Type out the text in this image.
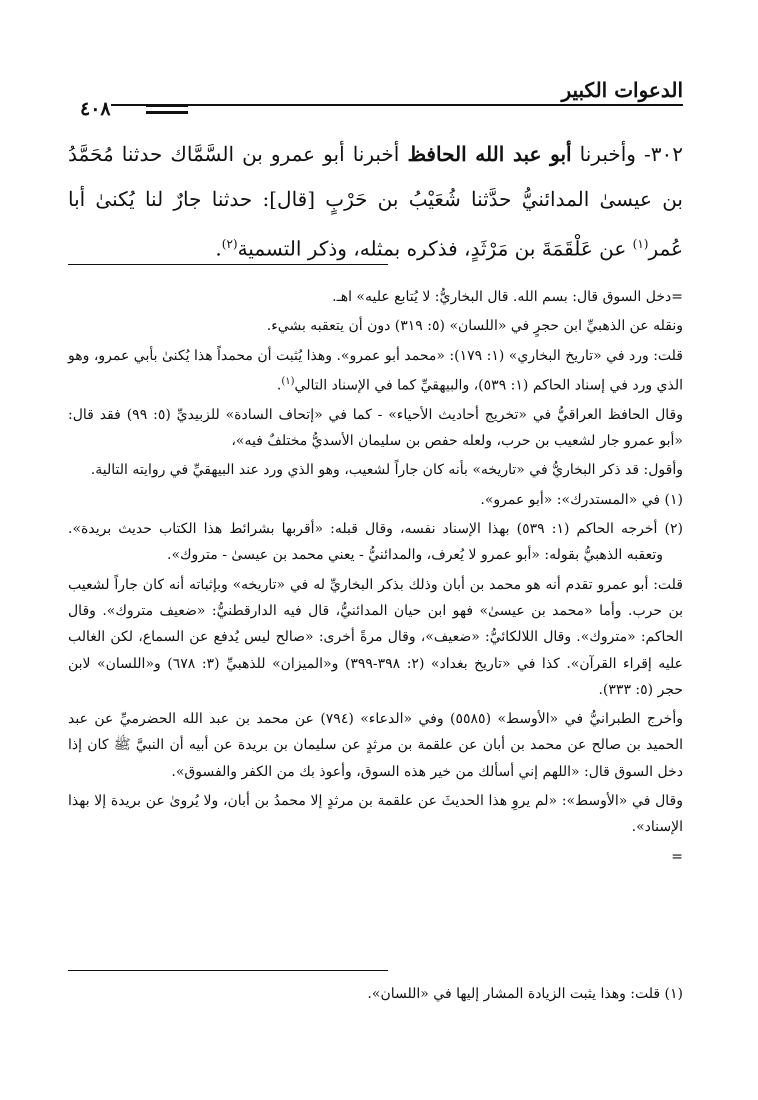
الدعوات الكبير
٤٠٨

٣٠٢- وأخبرنا أبو عبد الله الحافظ أخبرنا أبو عمرو بن السَّمَّاك حدثنا مُحَمَّدُ بن عيسىٰ المدائنيُّ حدَّثنا شُعَيْبُ بن حَرْبٍ [قال]: حدثنا جارٌ لنا يُكنىٰ أبا عُمر$^{(١)}$ عن عَلْقَمَةَ بن مَرْثَدٍ، فذكره بمثله، وذكر التسمية$^{(٢)}$.

=دخل السوق قال: بسم الله. قال البخاريُّ: لا يُتابع عليه» اهـ.

ونقله عن الذهبيِّ ابن حجرٍ في «اللسان» (٥: ٣١٩) دون أن يتعقبه بشيء.

قلت: ورد في «تاريخ البخاري» (١: ١٧٩): «محمد أبو عمرو». وهذا يُثبت أن محمداً هذا يُكنىٰ بأبي عمرو، وهو الذي ورد في إسناد الحاكم (١: ٥٣٩)، والبيهقيِّ كما في الإسناد التالي$^{(١)}$.

وقال الحافظ العراقيُّ في «تخريج أحاديث الأحياء» - كما في «إتحاف السادة» للزبيديِّ (٥: ٩٩) فقد قال: «أبو عمرو جار لشعيب بن حرب، ولعله حفص بن سليمان الأسديُّ مختلفٌ فيه»،

وأقول: قد ذكر البخاريُّ في «تاريخه» بأنه كان جاراً لشعيب، وهو الذي ورد عند البيهقيِّ في روايته التالية.

(١) في «المستدرك»: «أبو عمرو».

(٢) أخرجه الحاكم (١: ٥٣٩) بهذا الإسناد نفسه، وقال قبله: «أقربها بشرائط هذا الكتاب حديث بريدة». وتعقبه الذهبيُّ بقوله: «أبو عمرو لا يُعرف، والمدائنيُّ - يعني محمد بن عيسىٰ - متروك».

قلت: أبو عمرو تقدم أنه هو محمد بن أبان وذلك بذكر البخاريِّ له في «تاريخه» وبإثباته أنه كان جاراً لشعيب بن حرب. وأما «محمد بن عيسىٰ» فهو ابن حيان المدائنيُّ، قال فيه الدارقطنيُّ: «ضعيف متروك». وقال الحاكم: «متروك». وقال اللالكائيُّ: «ضعيف»، وقال مرةً أخرى: «صالح ليس يُدفع عن السماع، لكن الغالب عليه إقراء القرآن». كذا في «تاريخ بغداد» (٢: ٣٩٨-٣٩٩) و«الميزان» للذهبيِّ (٣: ٦٧٨) و«اللسان» لابن حجر (٥: ٣٣٣).

وأخرج الطبرانيُّ في «الأوسط» (٥٥٨٥) وفي «الدعاء» (٧٩٤) عن محمد بن عبد الله الحضرميِّ عن عبد الحميد بن صالح عن محمد بن أبان عن علقمة بن مرثدٍ عن سليمان بن بريدة عن أبيه أن النبيَّ ﷺ كان إذا دخل السوق قال: «اللهم إني أسألك من خير هذه السوق، وأعوذ بك من الكفر والفسوق».

وقال في «الأوسط»: «لم يروِ هذا الحديثَ عن علقمة بن مرثدٍ إلا محمدُ بن أبان، ولا يُروىٰ عن بريدة إلا بهذا الإسناد».

=

(١) قلت: وهذا يثبت الزيادة المشار إليها في «اللسان».
